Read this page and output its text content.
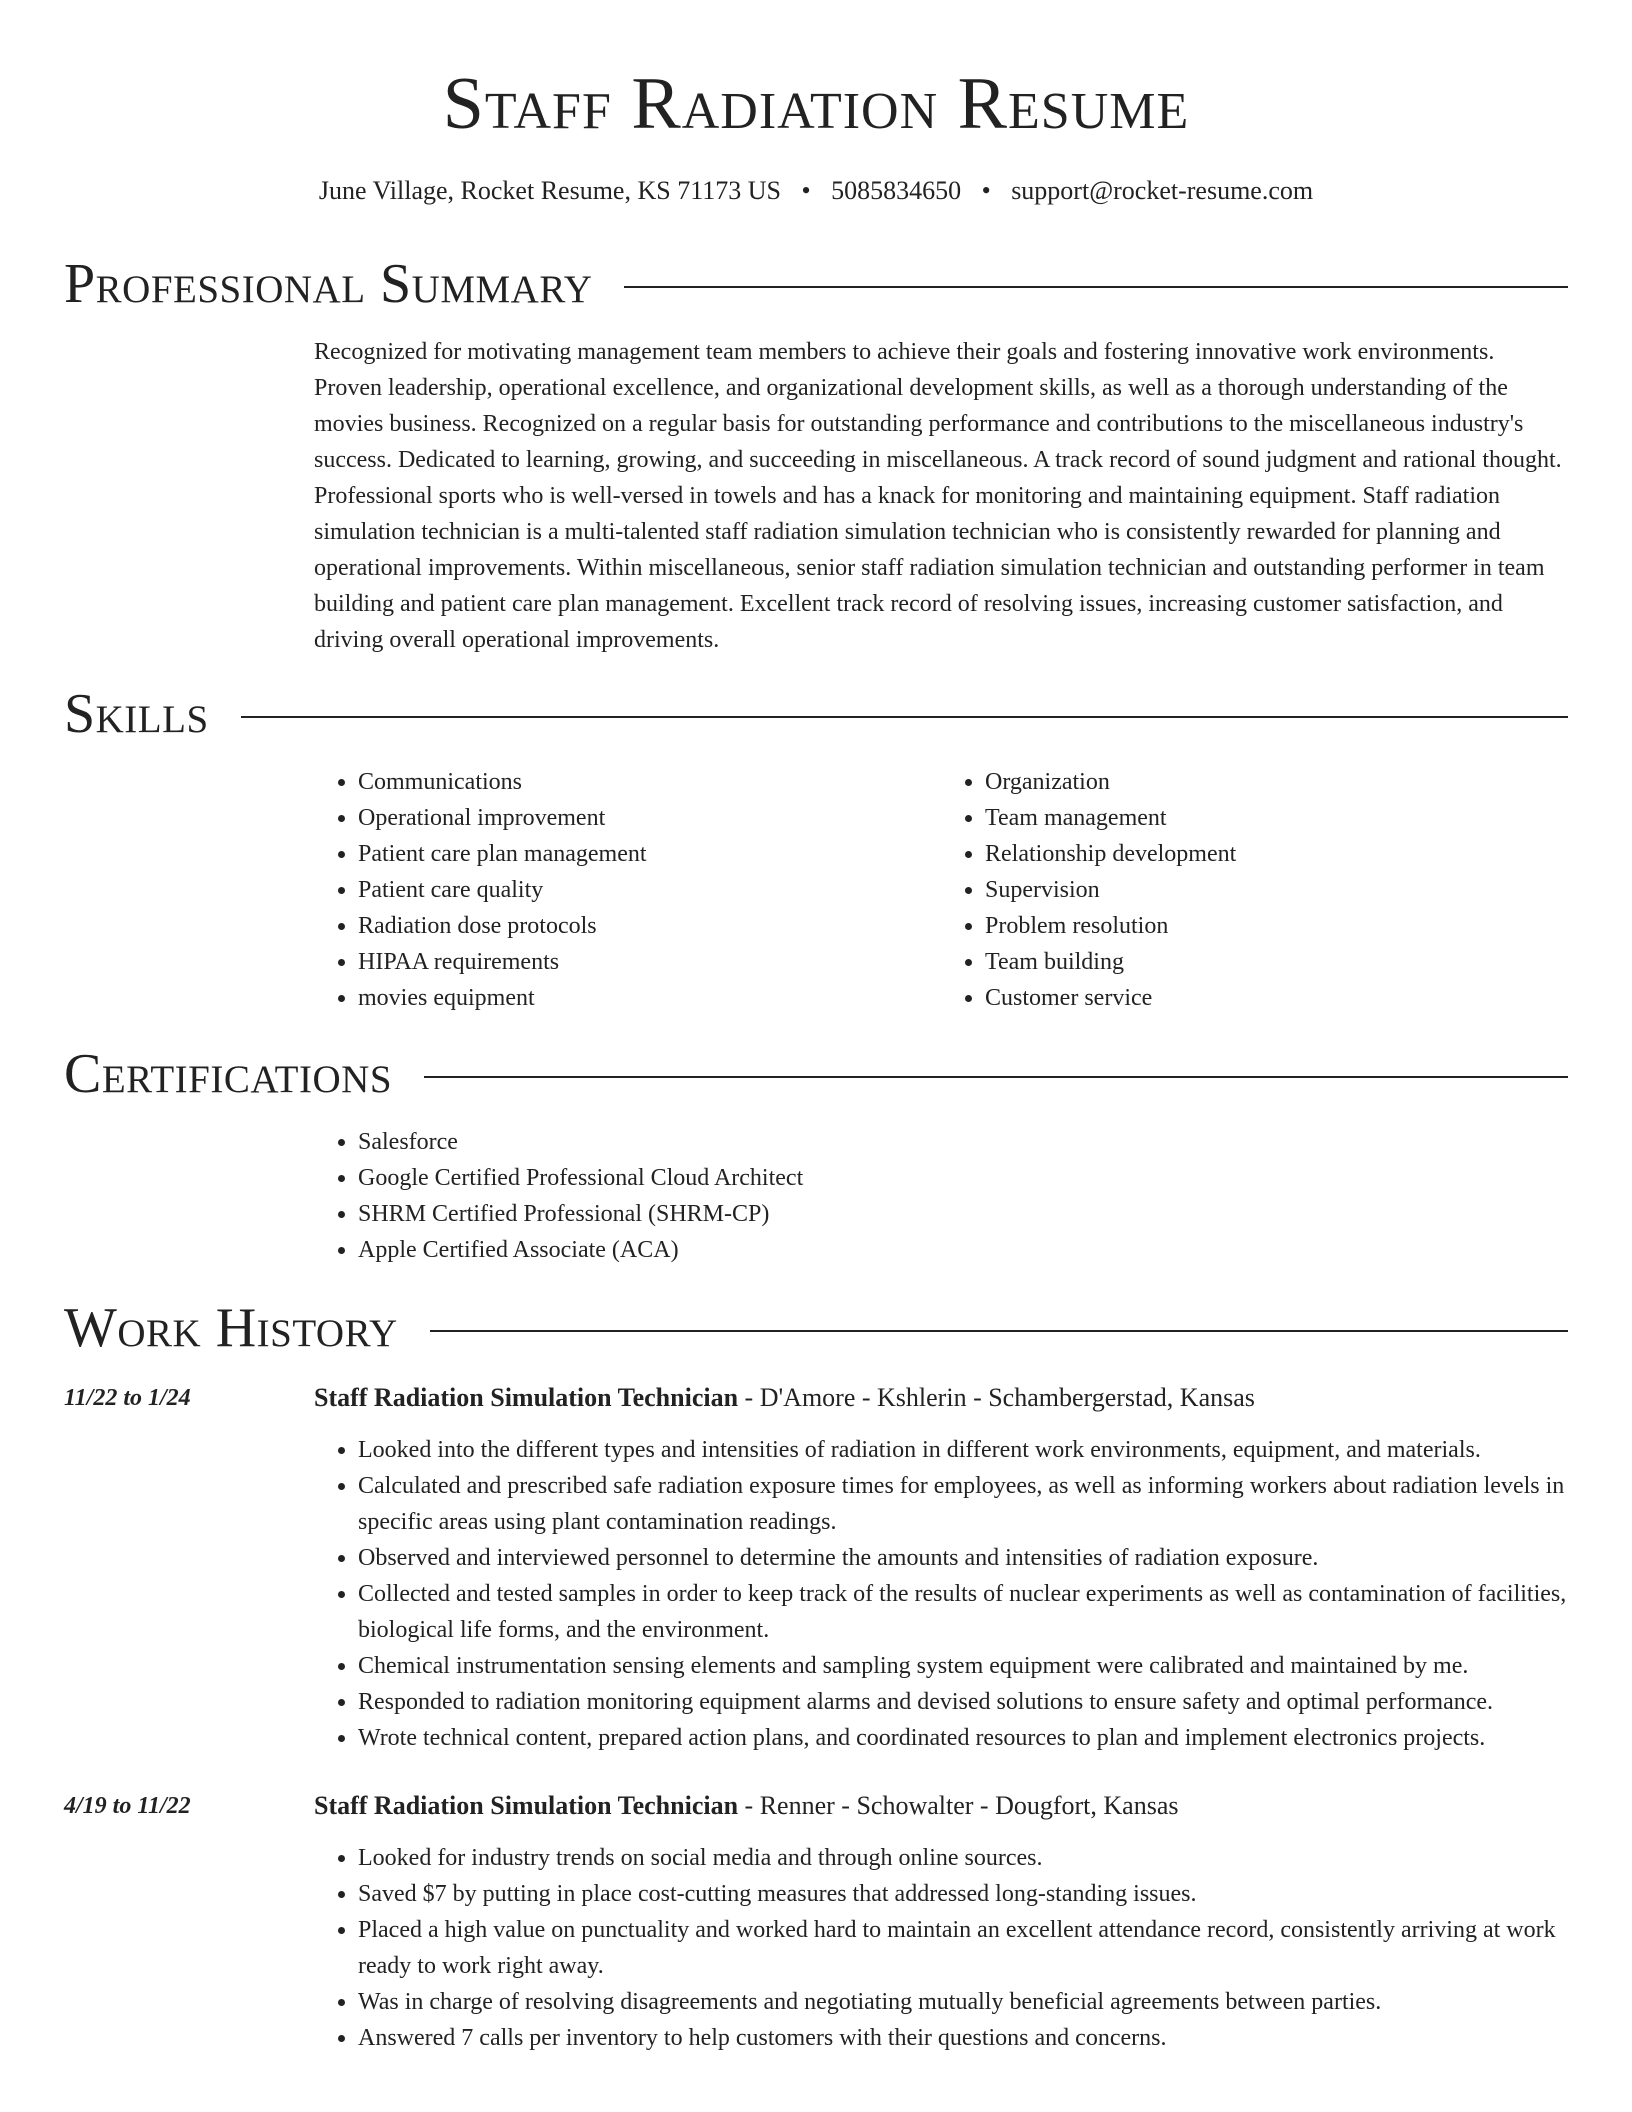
Staff Radiation Resume
June Village, Rocket Resume, KS 71173 US • 5085834650 • support@rocket-resume.com
Professional Summary

Recognized for motivating management team members to achieve their goals and fostering innovative work environments. Proven leadership, operational excellence, and organizational development skills, as well as a thorough understanding of the movies business. Recognized on a regular basis for outstanding performance and contributions to the miscellaneous industry's success. Dedicated to learning, growing, and succeeding in miscellaneous. A track record of sound judgment and rational thought. Professional sports who is well-versed in towels and has a knack for monitoring and maintaining equipment. Staff radiation simulation technician is a multi-talented staff radiation simulation technician who is consistently rewarded for planning and operational improvements. Within miscellaneous, senior staff radiation simulation technician and outstanding performer in team building and patient care plan management. Excellent track record of resolving issues, increasing customer satisfaction, and driving overall operational improvements.

Skills
• Communications
• Operational improvement
• Patient care plan management
• Patient care quality
• Radiation dose protocols
• HIPAA requirements
• movies equipment
• Organization
• Team management
• Relationship development
• Supervision
• Problem resolution
• Team building
• Customer service
Certifications
• Salesforce
• Google Certified Professional Cloud Architect
• SHRM Certified Professional (SHRM-CP)
• Apple Certified Associate (ACA)
Work History
11/22 to 1/24	Staff Radiation Simulation Technician - D'Amore - Kshlerin - Schambergerstad, Kansas
• Looked into the different types and intensities of radiation in different work environments, equipment, and materials.
• Calculated and prescribed safe radiation exposure times for employees, as well as informing workers about radiation levels in specific areas using plant contamination readings.
• Observed and interviewed personnel to determine the amounts and intensities of radiation exposure.
• Collected and tested samples in order to keep track of the results of nuclear experiments as well as contamination of facilities, biological life forms, and the environment.
• Chemical instrumentation sensing elements and sampling system equipment were calibrated and maintained by me.
• Responded to radiation monitoring equipment alarms and devised solutions to ensure safety and optimal performance.
• Wrote technical content, prepared action plans, and coordinated resources to plan and implement electronics projects.
4/19 to 11/22	Staff Radiation Simulation Technician - Renner - Schowalter - Dougfort, Kansas
• Looked for industry trends on social media and through online sources.
• Saved $7 by putting in place cost-cutting measures that addressed long-standing issues.
• Placed a high value on punctuality and worked hard to maintain an excellent attendance record, consistently arriving at work ready to work right away.
• Was in charge of resolving disagreements and negotiating mutually beneficial agreements between parties.
• Answered 7 calls per inventory to help customers with their questions and concerns.
